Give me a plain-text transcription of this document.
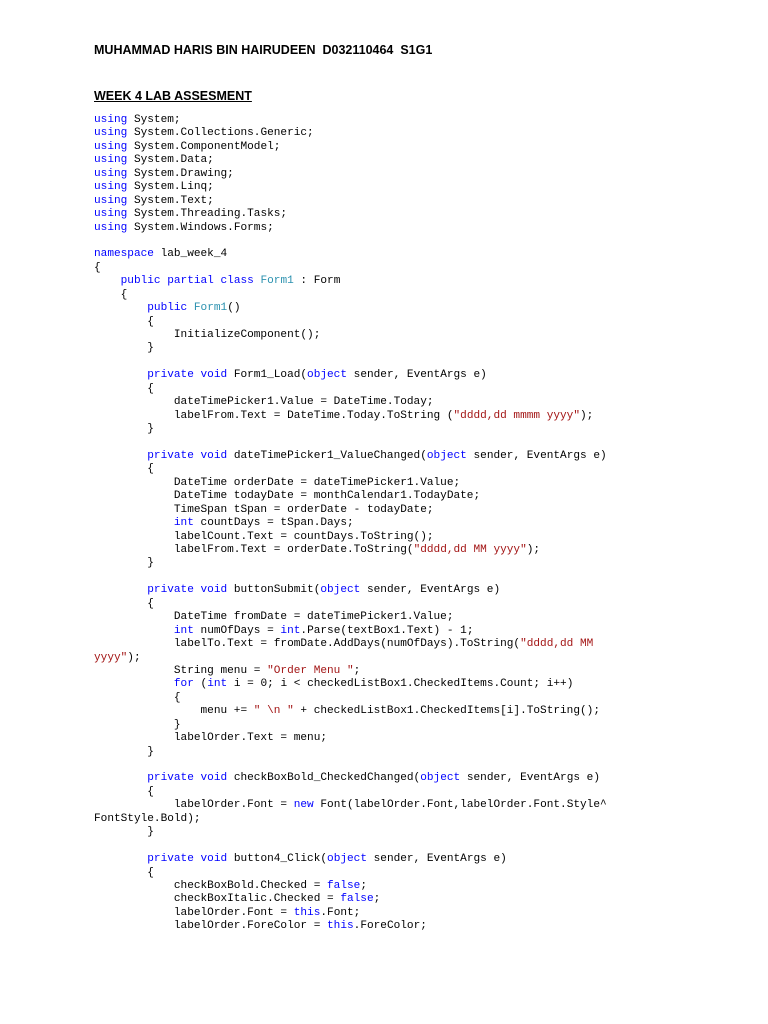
MUHAMMAD HARIS BIN HAIRUDEEN  D032110464  S1G1
WEEK 4 LAB ASSESMENT
using System;
using System.Collections.Generic;
using System.ComponentModel;
using System.Data;
using System.Drawing;
using System.Linq;
using System.Text;
using System.Threading.Tasks;
using System.Windows.Forms;
namespace lab_week_4
{
public partial class Form1 : Form
{
public Form1()
{
InitializeComponent();
}
private void Form1_Load(object sender, EventArgs e)
{
dateTimePicker1.Value = DateTime.Today;
labelFrom.Text = DateTime.Today.ToString ("dddd,dd mmmm yyyy");
}
private void dateTimePicker1_ValueChanged(object sender, EventArgs e)
{
DateTime orderDate = dateTimePicker1.Value;
DateTime todayDate = monthCalendar1.TodayDate;
TimeSpan tSpan = orderDate - todayDate;
int countDays = tSpan.Days;
labelCount.Text = countDays.ToString();
labelFrom.Text = orderDate.ToString("dddd,dd MM yyyy");
}
private void buttonSubmit(object sender, EventArgs e)
{
DateTime fromDate = dateTimePicker1.Value;
int numOfDays = int.Parse(textBox1.Text) - 1;
labelTo.Text = fromDate.AddDays(numOfDays).ToString("dddd,dd MM
yyyy");
String menu = "Order Menu ";
for (int i = 0; i < checkedListBox1.CheckedItems.Count; i++)
{
menu += " \n " + checkedListBox1.CheckedItems[i].ToString();
}
labelOrder.Text = menu;
}
private void checkBoxBold_CheckedChanged(object sender, EventArgs e)
{
labelOrder.Font = new Font(labelOrder.Font,labelOrder.Font.Style^
FontStyle.Bold);
}
private void button4_Click(object sender, EventArgs e)
{
checkBoxBold.Checked = false;
checkBoxItalic.Checked = false;
labelOrder.Font = this.Font;
labelOrder.ForeColor = this.ForeColor;
